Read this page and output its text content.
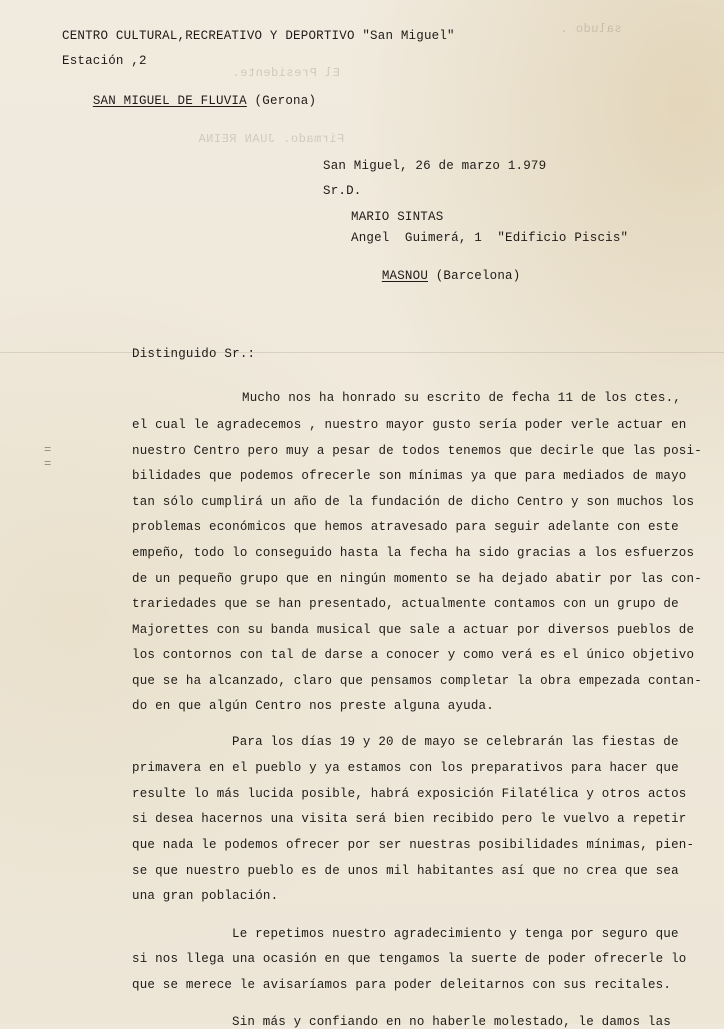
saludo .
El Presidente.
Firmado. JUAN REINA
CENTRO CULTURAL,RECREATIVO Y DEPORTIVO "San Miguel"
Estación ,2

SAN MIGUEL DE FLUVIA (Gerona)

San Miguel, 26 de marzo 1.979
Sr.D.
MARIO SINTAS
Angel  Guimerá, 1  "Edificio Piscis"

MASNOU (Barcelona)

Distinguido Sr.:
=
=
Mucho nos ha honrado su escrito de fecha 11 de los ctes.,
el cual le agradecemos , nuestro mayor gusto sería poder verle actuar en
nuestro Centro pero muy a pesar de todos tenemos que decirle que las posi-
bilidades que podemos ofrecerle son mínimas ya que para mediados de mayo
tan sólo cumplirá un año de la fundación de dicho Centro y son muchos los
problemas económicos que hemos atravesado para seguir adelante con este
empeño, todo lo conseguido hasta la fecha ha sido gracias a los esfuerzos
de un pequeño grupo que en ningún momento se ha dejado abatir por las con-
trariedades que se han presentado, actualmente contamos con un grupo de
Majorettes con su banda musical que sale a actuar por diversos pueblos de
los contornos con tal de darse a conocer y como verá es el único objetivo
que se ha alcanzado, claro que pensamos completar la obra empezada contan-
do en que algún Centro nos preste alguna ayuda.
Para los días 19 y 20 de mayo se celebrarán las fiestas de
primavera en el pueblo y ya estamos con los preparativos para hacer que
resulte lo más lucida posible, habrá exposición Filatélica y otros actos
si desea hacernos una visita será bien recibido pero le vuelvo a repetir
que nada le podemos ofrecer por ser nuestras posibilidades mínimas, pien-
se que nuestro pueblo es de unos mil habitantes así que no crea que sea
una gran población.
Le repetimos nuestro agradecimiento y tenga por seguro que
si nos llega una ocasión en que tengamos la suerte de poder ofrecerle lo
que se merece le avisaríamos para poder deleitarnos con sus recitales.
Sin más y confiando en no haberle molestado, le damos las
